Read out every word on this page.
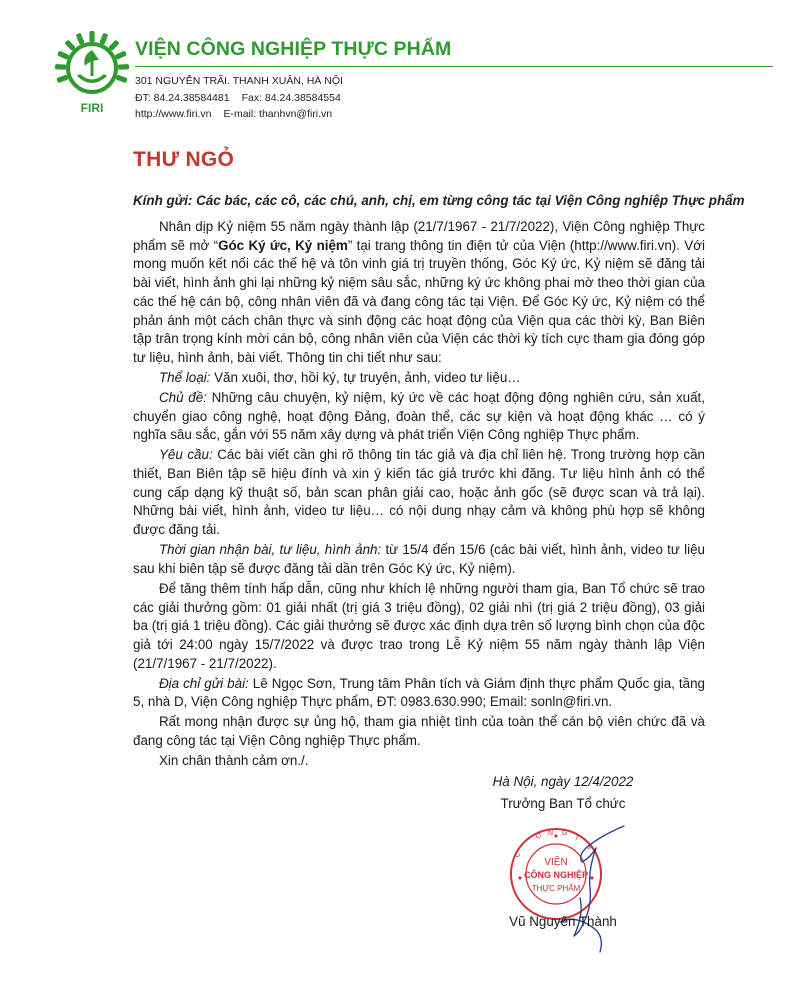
FIRI
VIỆN CÔNG NGHIỆP THỰC PHẨM
301 NGUYỄN TRÃI. THANH XUÂN, HÀ NỘI
ĐT: 84.24.38584481 Fax: 84.24.38584554
http://www.firi.vn E-mail: thanhvn@firi.vn
THƯ NGỎ
Kính gửi: Các bác, các cô, các chú, anh, chị, em từng công tác tại Viện Công nghiệp Thực phẩm

Nhân dịp Kỷ niệm 55 năm ngày thành lập (21/7/1967 - 21/7/2022), Viện Công nghiệp Thực phẩm sẽ mở “Góc Ký ức, Kỷ niệm” tại trang thông tin điện tử của Viện (http://www.firi.vn). Với mong muốn kết nối các thế hệ và tôn vinh giá trị truyền thống, Góc Ký ức, Kỷ niệm sẽ đăng tải bài viết, hình ảnh ghi lại những kỷ niệm sâu sắc, những ký ức không phai mờ theo thời gian của các thế hệ cán bộ, công nhân viên đã và đang công tác tại Viện. Để Góc Ký ức, Kỷ niệm có thể phản ánh một cách chân thực và sinh động các hoạt động của Viện qua các thời kỳ, Ban Biên tập trân trọng kính mời cán bộ, công nhân viên của Viện các thời kỳ tích cực tham gia đóng góp tư liệu, hình ảnh, bài viết. Thông tin chi tiết như sau:

Thể loại: Văn xuôi, thơ, hồi ký, tự truyện, ảnh, video tư liệu…

Chủ đề: Những câu chuyện, kỷ niệm, ký ức về các hoạt động động nghiên cứu, sản xuất, chuyển giao công nghệ, hoạt động Đảng, đoàn thể, các sự kiện và hoạt động khác … có ý nghĩa sâu sắc, gắn với 55 năm xây dựng và phát triển Viện Công nghiệp Thực phẩm.

Yêu cầu: Các bài viết cần ghi rõ thông tin tác giả và địa chỉ liên hệ. Trong trường hợp cần thiết, Ban Biên tập sẽ hiệu đính và xin ý kiến tác giả trước khi đăng. Tư liệu hình ảnh có thể cung cấp dạng kỹ thuật số, bản scan phân giải cao, hoặc ảnh gốc (sẽ được scan và trả lại). Những bài viết, hình ảnh, video tư liệu… có nội dung nhạy cảm và không phù hợp sẽ không được đăng tải.

Thời gian nhận bài, tư liệu, hình ảnh: từ 15/4 đến 15/6 (các bài viết, hình ảnh, video tư liệu sau khi biên tập sẽ được đăng tải dần trên Góc Ký ức, Kỷ niệm).

Để tăng thêm tính hấp dẫn, cũng như khích lệ những người tham gia, Ban Tổ chức sẽ trao các giải thưởng gồm: 01 giải nhất (trị giá 3 triệu đồng), 02 giải nhì (trị giá 2 triệu đồng), 03 giải ba (trị giá 1 triệu đồng). Các giải thưởng sẽ được xác định dựa trên số lượng bình chọn của độc giả tới 24:00 ngày 15/7/2022 và được trao trong Lễ Kỷ niệm 55 năm ngày thành lập Viện (21/7/1967 - 21/7/2022).

Địa chỉ gửi bài: Lê Ngọc Sơn, Trung tâm Phân tích và Giám định thực phẩm Quốc gia, tầng 5, nhà D, Viện Công nghiệp Thực phẩm, ĐT: 0983.630.990; Email: sonln@firi.vn.

Rất mong nhận được sự ủng hộ, tham gia nhiệt tình của toàn thể cán bộ viên chức đã và đang công tác tại Viện Công nghiệp Thực phẩm.

Xin chân thành cảm ơn./.

Hà Nội, ngày 12/4/2022
Trưởng Ban Tổ chức
VIỆN
CÔNG NGHIỆP
THỰC PHẨM
Ọ N G
T
C
Y
Vũ Nguyên Thành
